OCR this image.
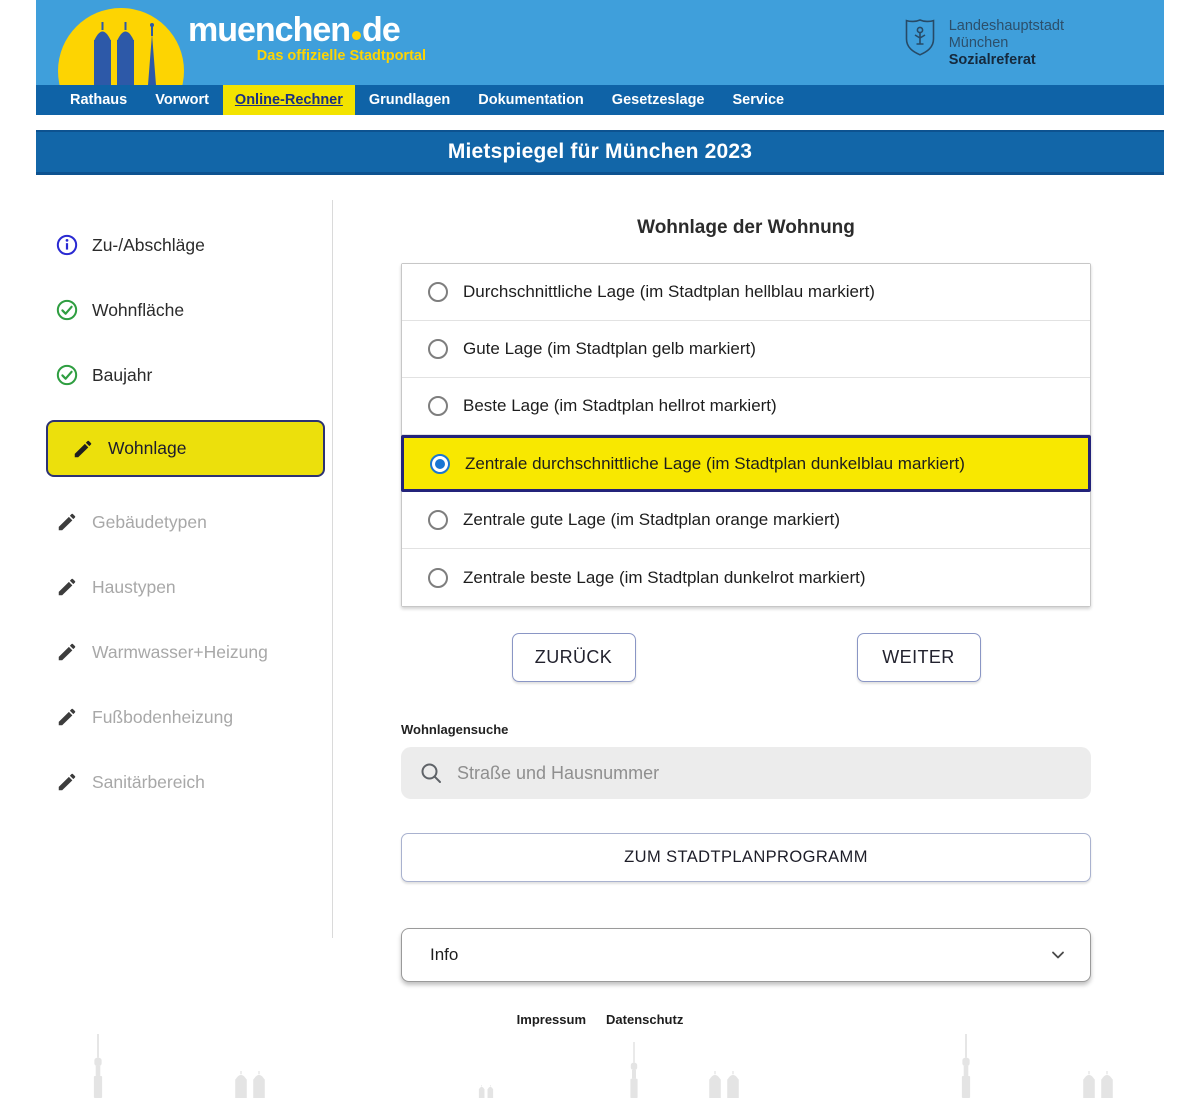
muenchen de
Das offizielle Stadtportal
Landeshauptstadt
München
Sozialreferat
Rathaus	Vorwort	Online-Rechner	Grundlagen	Dokumentation	Gesetzeslage	Service
Mietspiegel für München 2023
Zu-/Abschläge
Wohnfläche
Baujahr
Wohnlage
Gebäudetypen
Haustypen
Warmwasser+Heizung
Fußbodenheizung
Sanitärbereich
Wohnlage der Wohnung
Durchschnittliche Lage (im Stadtplan hellblau markiert)
Gute Lage (im Stadtplan gelb markiert)
Beste Lage (im Stadtplan hellrot markiert)
Zentrale durchschnittliche Lage (im Stadtplan dunkelblau markiert)
Zentrale gute Lage (im Stadtplan orange markiert)
Zentrale beste Lage (im Stadtplan dunkelrot markiert)
ZURÜCK	WEITER
Wohnlagensuche
Straße und Hausnummer
ZUM STADTPLANPROGRAMM
Info
Impressum Datenschutz
